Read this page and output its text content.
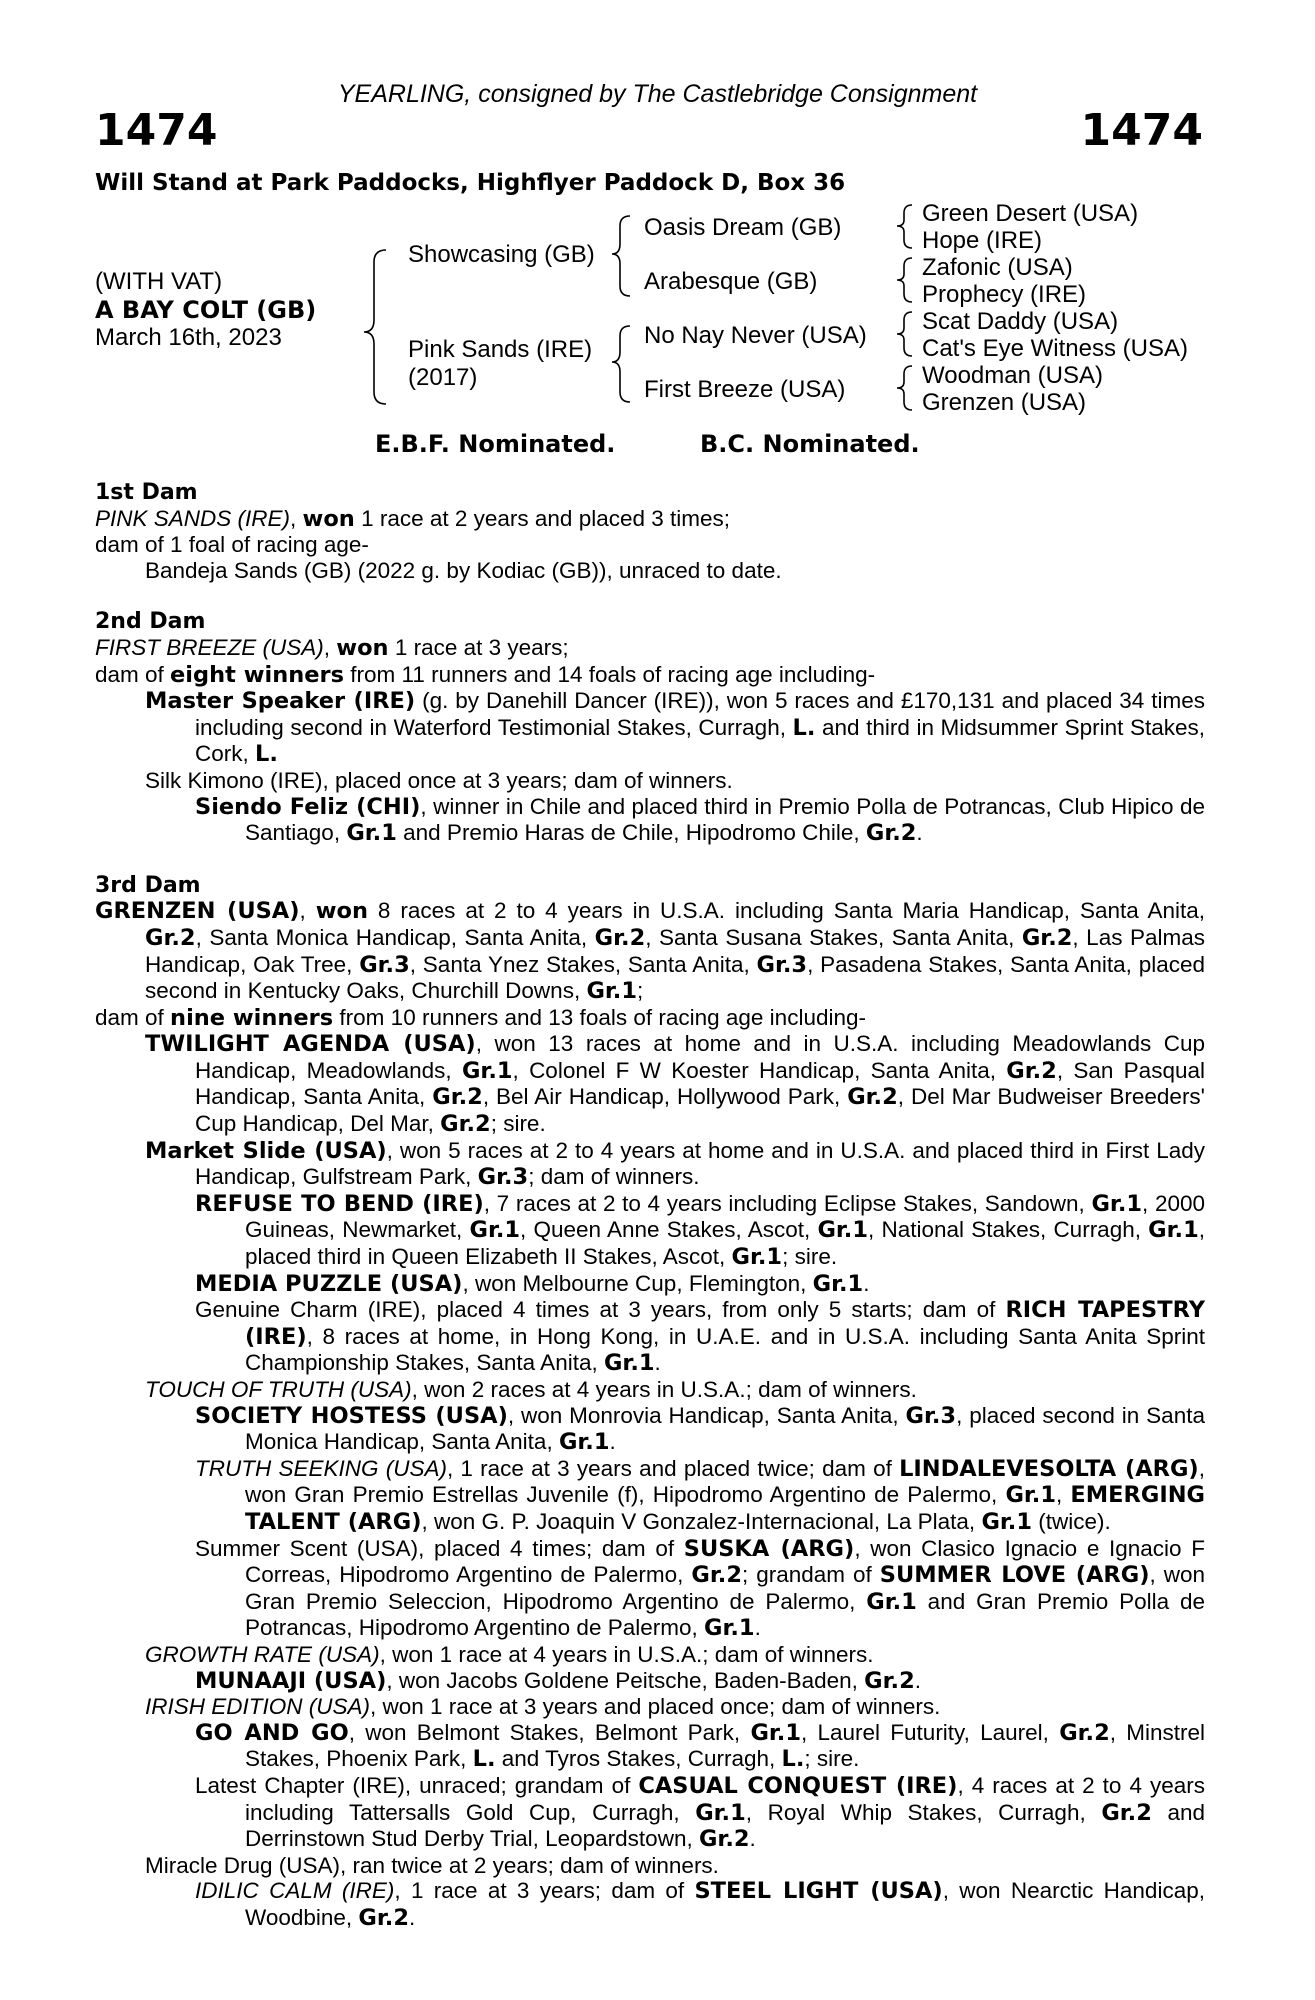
YEARLING, consigned by The Castlebridge Consignment
1474	1474
Will Stand at Park Paddocks, Highflyer Paddock D, Box 36
(WITH VAT)
A BAY COLT (GB)
March 16th, 2023
Showcasing (GB)
Pink Sands (IRE)
(2017)
Oasis Dream (GB)
Arabesque (GB)
No Nay Never (USA)
First Breeze (USA)
Green Desert (USA)
Hope (IRE)
Zafonic (USA)
Prophecy (IRE)
Scat Daddy (USA)
Cat's Eye Witness (USA)
Woodman (USA)
Grenzen (USA)
E.B.F. Nominated.	B.C. Nominated.
1st Dam

PINK SANDS (IRE), won 1 race at 2 years and placed 3 times;

dam of 1 foal of racing age-

Bandeja Sands (GB) (2022 g. by Kodiac (GB)), unraced to date.

2nd Dam

FIRST BREEZE (USA), won 1 race at 3 years;

dam of eight winners from 11 runners and 14 foals of racing age including-

Master Speaker (IRE) (g. by Danehill Dancer (IRE)), won 5 races and £170,131 and placed 34 times including second in Waterford Testimonial Stakes, Curragh, L. and third in Midsummer Sprint Stakes, Cork, L.

Silk Kimono (IRE), placed once at 3 years; dam of winners.

Siendo Feliz (CHI), winner in Chile and placed third in Premio Polla de Potrancas, Club Hipico de Santiago, Gr.1 and Premio Haras de Chile, Hipodromo Chile, Gr.2.

3rd Dam

GRENZEN (USA), won 8 races at 2 to 4 years in U.S.A. including Santa Maria Handicap, Santa Anita, Gr.2, Santa Monica Handicap, Santa Anita, Gr.2, Santa Susana Stakes, Santa Anita, Gr.2, Las Palmas Handicap, Oak Tree, Gr.3, Santa Ynez Stakes, Santa Anita, Gr.3, Pasadena Stakes, Santa Anita, placed second in Kentucky Oaks, Churchill Downs, Gr.1;

dam of nine winners from 10 runners and 13 foals of racing age including-

TWILIGHT AGENDA (USA), won 13 races at home and in U.S.A. including Meadowlands Cup Handicap, Meadowlands, Gr.1, Colonel F W Koester Handicap, Santa Anita, Gr.2, San Pasqual Handicap, Santa Anita, Gr.2, Bel Air Handicap, Hollywood Park, Gr.2, Del Mar Budweiser Breeders' Cup Handicap, Del Mar, Gr.2; sire.

Market Slide (USA), won 5 races at 2 to 4 years at home and in U.S.A. and placed third in First Lady Handicap, Gulfstream Park, Gr.3; dam of winners.

REFUSE TO BEND (IRE), 7 races at 2 to 4 years including Eclipse Stakes, Sandown, Gr.1, 2000 Guineas, Newmarket, Gr.1, Queen Anne Stakes, Ascot, Gr.1, National Stakes, Curragh, Gr.1, placed third in Queen Elizabeth II Stakes, Ascot, Gr.1; sire.

MEDIA PUZZLE (USA), won Melbourne Cup, Flemington, Gr.1.

Genuine Charm (IRE), placed 4 times at 3 years, from only 5 starts; dam of RICH TAPESTRY (IRE), 8 races at home, in Hong Kong, in U.A.E. and in U.S.A. including Santa Anita Sprint Championship Stakes, Santa Anita, Gr.1.

TOUCH OF TRUTH (USA), won 2 races at 4 years in U.S.A.; dam of winners.

SOCIETY HOSTESS (USA), won Monrovia Handicap, Santa Anita, Gr.3, placed second in Santa Monica Handicap, Santa Anita, Gr.1.

TRUTH SEEKING (USA), 1 race at 3 years and placed twice; dam of LINDALEVESOLTA (ARG), won Gran Premio Estrellas Juvenile (f), Hipodromo Argentino de Palermo, Gr.1, EMERGING TALENT (ARG), won G. P. Joaquin V Gonzalez-Internacional, La Plata, Gr.1 (twice).

Summer Scent (USA), placed 4 times; dam of SUSKA (ARG), won Clasico Ignacio e Ignacio F Correas, Hipodromo Argentino de Palermo, Gr.2; grandam of SUMMER LOVE (ARG), won Gran Premio Seleccion, Hipodromo Argentino de Palermo, Gr.1 and Gran Premio Polla de Potrancas, Hipodromo Argentino de Palermo, Gr.1.

GROWTH RATE (USA), won 1 race at 4 years in U.S.A.; dam of winners.

MUNAAJI (USA), won Jacobs Goldene Peitsche, Baden-Baden, Gr.2.

IRISH EDITION (USA), won 1 race at 3 years and placed once; dam of winners.

GO AND GO, won Belmont Stakes, Belmont Park, Gr.1, Laurel Futurity, Laurel, Gr.2, Minstrel Stakes, Phoenix Park, L. and Tyros Stakes, Curragh, L.; sire.

Latest Chapter (IRE), unraced; grandam of CASUAL CONQUEST (IRE), 4 races at 2 to 4 years including Tattersalls Gold Cup, Curragh, Gr.1, Royal Whip Stakes, Curragh, Gr.2 and Derrinstown Stud Derby Trial, Leopardstown, Gr.2.

Miracle Drug (USA), ran twice at 2 years; dam of winners.

IDILIC CALM (IRE), 1 race at 3 years; dam of STEEL LIGHT (USA), won Nearctic Handicap, Woodbine, Gr.2.
